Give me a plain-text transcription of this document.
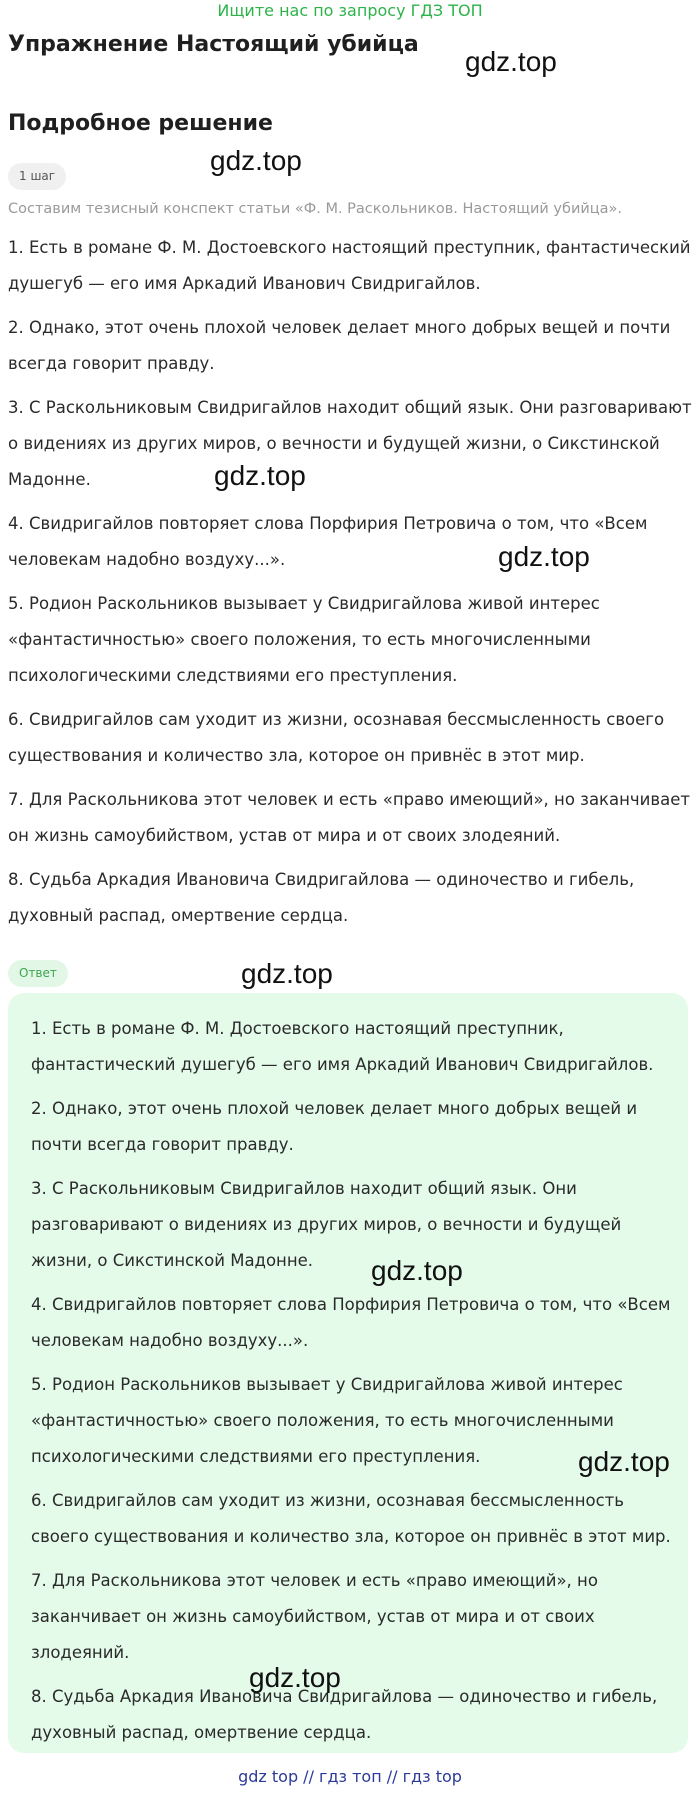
Ищите нас по запросу ГДЗ ТОП
Упражнение Настоящий убийца
Подробное решение
1 шаг

Составим тезисный конспект статьи «Ф. М. Раскольников. Настоящий убийца».

1. Есть в романе Ф. М. Достоевского настоящий преступник, фантастический душегуб — его имя Аркадий Иванович Свидригайлов.

2. Однако, этот очень плохой человек делает много добрых вещей и почти всегда говорит правду.

3. С Раскольниковым Свидригайлов находит общий язык. Они разговаривают о видениях из других миров, о вечности и будущей жизни, о Сикстинской Мадонне.

4. Свидригайлов повторяет слова Порфирия Петровича о том, что «Всем человекам надобно воздуху...».

5. Родион Раскольников вызывает у Свидригайлова живой интерес «фантастичностью» своего положения, то есть многочисленными психологическими следствиями его преступления.

6. Свидригайлов сам уходит из жизни, осознавая бессмысленность своего существования и количество зла, которое он привнёс в этот мир.

7. Для Раскольникова этот человек и есть «право имеющий», но заканчивает он жизнь самоубийством, устав от мира и от своих злодеяний.

8. Судьба Аркадия Ивановича Свидригайлова — одиночество и гибель, духовный распад, омертвение сердца.

Ответ

1. Есть в романе Ф. М. Достоевского настоящий преступник, фантастический душегуб — его имя Аркадий Иванович Свидригайлов.

2. Однако, этот очень плохой человек делает много добрых вещей и почти всегда говорит правду.

3. С Раскольниковым Свидригайлов находит общий язык. Они разговаривают о видениях из других миров, о вечности и будущей жизни, о Сикстинской Мадонне.

4. Свидригайлов повторяет слова Порфирия Петровича о том, что «Всем человекам надобно воздуху...».

5. Родион Раскольников вызывает у Свидригайлова живой интерес «фантастичностью» своего положения, то есть многочисленными психологическими следствиями его преступления.

6. Свидригайлов сам уходит из жизни, осознавая бессмысленность своего существования и количество зла, которое он привнёс в этот мир.

7. Для Раскольникова этот человек и есть «право имеющий», но заканчивает он жизнь самоубийством, устав от мира и от своих злодеяний.

8. Судьба Аркадия Ивановича Свидригайлова — одиночество и гибель, духовный распад, омертвение сердца.

gdz.top
gdz.top
gdz.top
gdz.top
gdz.top
gdz.top
gdz.top
gdz.top
gdz top // гдз топ // гдз top
